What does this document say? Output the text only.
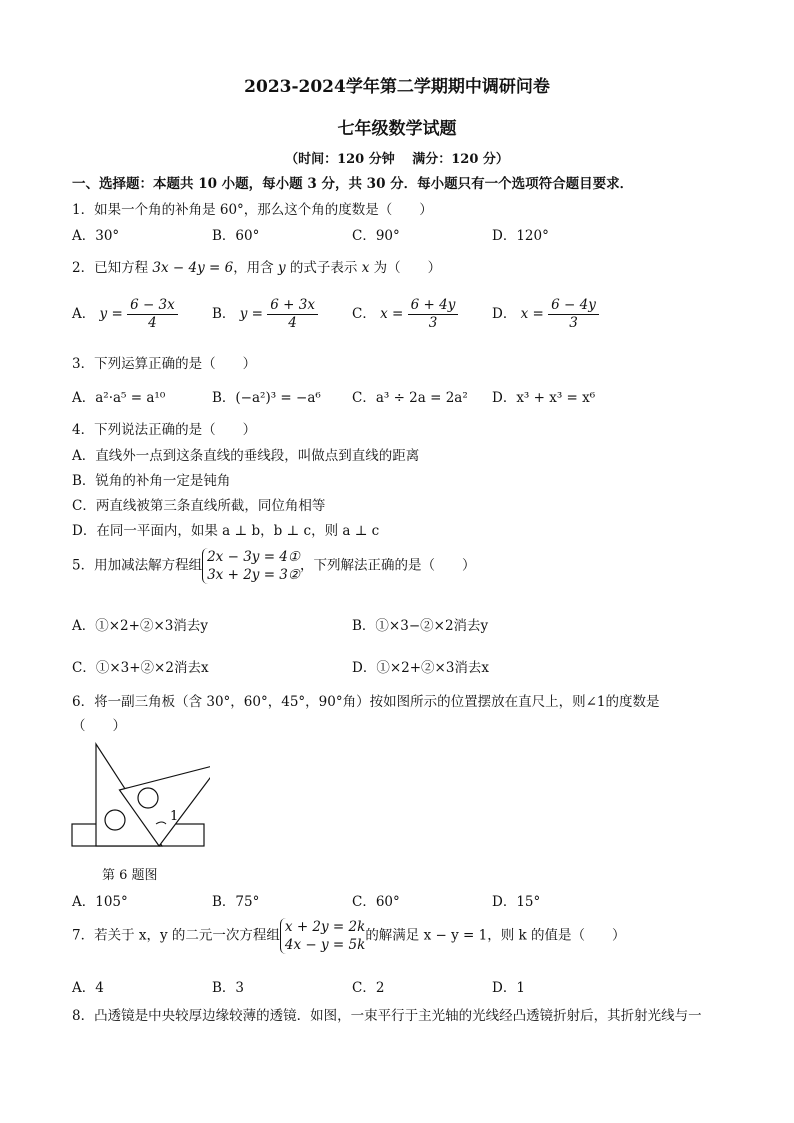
2023-2024学年第二学期期中调研问卷
七年级数学试题
（时间：120 分钟　 满分：120 分）
一、选择题：本题共 10 小题，每小题 3 分，共 30 分．每小题只有一个选项符合题目要求．
1．如果一个角的补角是 60°，那么这个角的度数是（　　）
A．30°	B．60°	C．90°	D．120°
2．已知方程 3x − 4y = 6，用含 y 的式子表示 x 为（　　）
A． $y = \frac{6 - 3x}{4}$	B． $y = \frac{6 + 3x}{4}$	C． $x = \frac{6 + 4y}{3}$ D． $x = \frac{6 - 4y}{3}$
3．下列运算正确的是（　　）
A．a²·a⁵ = a¹⁰	B．(−a²)³ = −a⁶ C．a³ ÷ 2a = 2a² D．x³ + x³ = x⁶
4．下列说法正确的是（　　）
A．直线外一点到这条直线的垂线段，叫做点到直线的距离
B．锐角的补角一定是钝角
C．两直线被第三条直线所截，同位角相等
D．在同一平面内，如果 a ⊥ b，b ⊥ c，则 a ⊥ c
5．用加减法解方程组
2x − 3y = 4①
3x + 2y = 3②
，下列解法正确的是（　　）
A．①×2+②×3消去y	B．①×3−②×2消去y
C．①×3+②×2消去x	D．①×2+②×3消去x
6．将一副三角板（含 30°，60°，45°，90°角）按如图所示的位置摆放在直尺上，则∠1的度数是
（　　）
1
第 6 题图
A．105°	B．75°	C．60°	D．15°
7．若关于 x，y 的二元一次方程组
x + 2y = 2k
4x − y = 5k
的解满足 x − y = 1，则 k 的值是（　　）
A．4	B．3	C．2	D．1
8．凸透镜是中央较厚边缘较薄的透镜．如图，一束平行于主光轴的光线经凸透镜折射后，其折射光线与一
